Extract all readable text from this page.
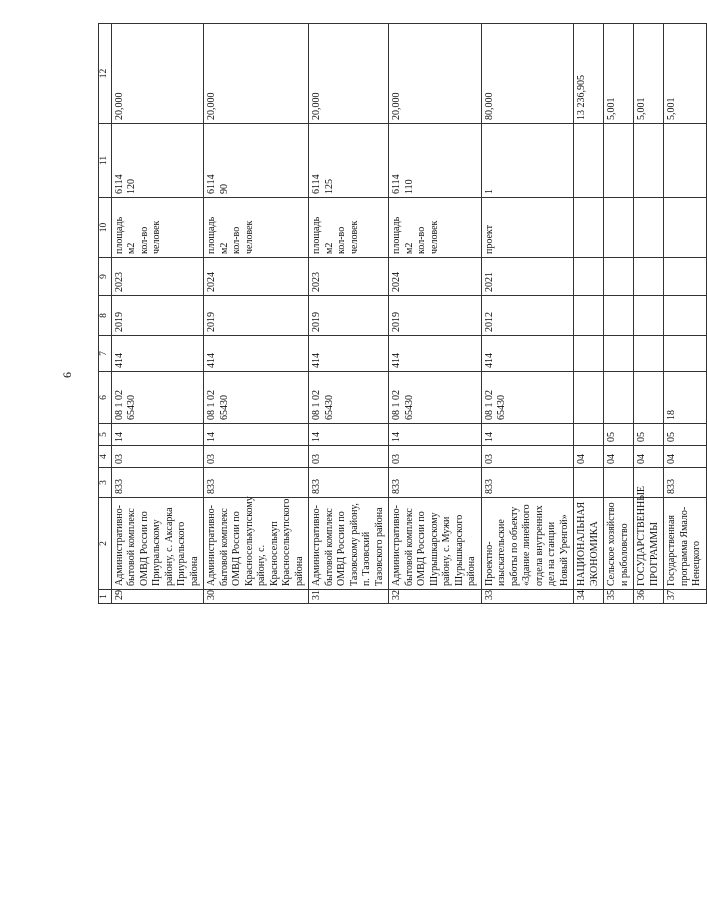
6
1	2	3	4	5	6	7	8	9	10	11	12
29	Административно-бытовой комплекс ОМВД России по Приуральскому району, с. Аксарка Приуральского района	833	03	14	08 1 02 65430	414	2019	2023	площадь м2 кол-во человек	6114 120	20,000
30	Административно-бытовой комплекс ОМВД России по Красноселькупскому району, с. Красноселькуп Красноселькупского района	833	03	14	08 1 02 65430	414	2019	2024	площадь м2 кол-во человек	6114 90	20,000
31	Административно-бытовой комплекс ОМВД России по Тазовскому району, п. Тазовский Тазовского района	833	03	14	08 1 02 65430	414	2019	2023	площадь м2 кол-во человек	6114 125	20,000
32	Административно-бытовой комплекс ОМВД России по Шурышкарскому району, с. Мужи Шурышкарского района	833	03	14	08 1 02 65430	414	2019	2024	площадь м2 кол-во человек	6114 110	20,000
33	Проектно-изыскательские работы по объекту «Здание линейного отдела внутренних дел на станции Новый Уренгой»	833	03	14	08 1 02 65430	414	2012	2021	проект	1	80,000
34	НАЦИОНАЛЬНАЯ ЭКОНОМИКА		04								13 236,905
35	Сельское хозяйство и рыболовство		04	05							5,001
36	ГОСУДАРСТВЕННЫЕ ПРОГРАММЫ		04	05							5,001
37	Государственная программа Ямало-Ненецкого	833	04	05	18						5,001
